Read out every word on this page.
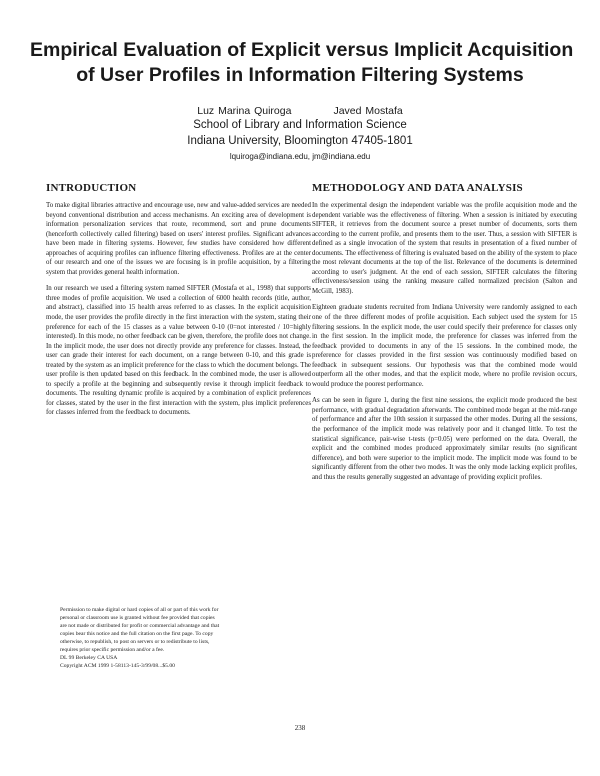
Empirical Evaluation of Explicit versus Implicit Acquisition
of User Profiles in Information Filtering Systems
Luz Marina Quiroga	Javed Mostafa
School of Library and Information Science
Indiana University, Bloomington 47405-1801
lquiroga@indiana.edu, jm@indiana.edu
INTRODUCTION

To make digital libraries attractive and encourage use, new and value-added services are needed beyond conventional distribution and access mechanisms. An exciting area of development is information personalization services that route, recommend, sort and prune documents (henceforth collectively called filtering) based on users' interest profiles. Significant advances have been made in filtering systems. However, few studies have considered how different approaches of acquiring profiles can influence filtering effectiveness. Profiles are at the center of our research and one of the issues we are focusing is in profile acquisition, by a filtering system that provides general health information.

In our research we used a filtering system named SIFTER (Mostafa et al., 1998) that supports three modes of profile acquisition. We used a collection of 6000 health records (title, author, and abstract), classified into 15 health areas referred to as classes. In the explicit acquisition mode, the user provides the profile directly in the first interaction with the system, stating their preference for each of the 15 classes as a value between 0-10 (0=not interested / 10=highly interested). In this mode, no other feedback can be given, therefore, the profile does not change. In the implicit mode, the user does not directly provide any preference for classes. Instead, the user can grade their interest for each document, on a range between 0-10, and this grade is treated by the system as an implicit preference for the class to which the document belongs. The user profile is then updated based on this feedback. In the combined mode, the user is allowed to specify a profile at the beginning and subsequently revise it through implicit feedback to documents. The resulting dynamic profile is acquired by a combination of explicit preferences for classes, stated by the user in the first interaction with the system, plus implicit preferences for classes inferred from the feedback to documents.

Permission to make digital or hard copies of all or part of this work for
personal or classroom use is granted without fee provided that copies
are not made or distributed for profit or commercial advantage and that
copies bear this notice and the full citation on the first page. To copy
otherwise, to republish, to post on servers or to redistribute to lists,
requires prior specific permission and/or a fee.
DL 99 Berkeley CA USA
Copyright ACM 1999 1-58113-145-3/99/08...$5.00
METHODOLOGY AND DATA ANALYSIS

In the experimental design the independent variable was the profile acquisition mode and the dependent variable was the effectiveness of filtering. When a session is initiated by executing SIFTER, it retrieves from the document source a preset number of documents, sorts them according to the current profile, and presents them to the user. Thus, a session with SIFTER is defined as a single invocation of the system that results in presentation of a fixed number of documents. The effectiveness of filtering is evaluated based on the ability of the system to place the most relevant documents at the top of the list. Relevance of the documents is determined according to user's judgment. At the end of each session, SIFTER calculates the filtering effectiveness/session using the ranking measure called normalized precision (Salton and McGill, 1983).

Eighteen graduate students recruited from Indiana University were randomly assigned to each one of the three different modes of profile acquisition. Each subject used the system for 15 filtering sessions. In the explicit mode, the user could specify their preference for classes only in the first session. In the implicit mode, the preference for classes was inferred from the feedback provided to documents in any of the 15 sessions. In the combined mode, the preference for classes provided in the first session was continuously modified based on feedback in subsequent sessions. Our hypothesis was that the combined mode would outperform all the other modes, and that the explicit mode, where no profile revision occurs, would produce the poorest performance.

As can be seen in figure 1, during the first nine sessions, the explicit mode produced the best performance, with gradual degradation afterwards. The combined mode began at the mid-range of performance and after the 10th session it surpassed the other modes. During all the sessions, the performance of the implicit mode was relatively poor and it changed little. To test the statistical significance, pair-wise t-tests (p=0.05) were performed on the data. Overall, the explicit and the combined modes produced approximately similar results (no significant difference), and both were superior to the implicit mode. The implicit mode was found to be significantly different from the other two modes. It was the only mode lacking explicit profiles, and thus the results generally suggested an advantage of providing explicit profiles.

238
